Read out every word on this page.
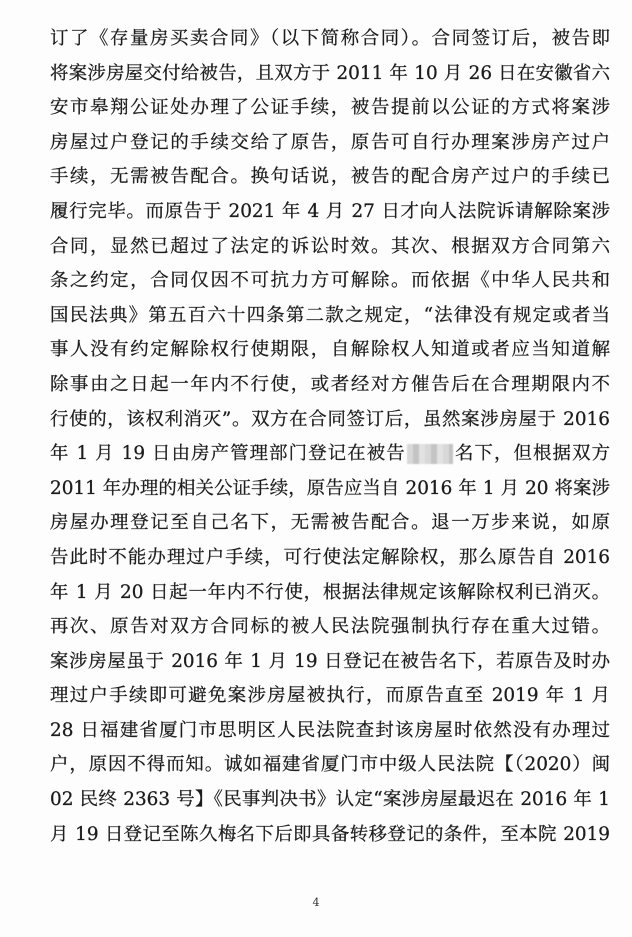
订了《存量房买卖合同》（以下简称合同）。合同签订后，被告即
将案涉房屋交付给被告，且双方于 2011 年 10 月 26 日在安徽省六
安市皋翔公证处办理了公证手续，被告提前以公证的方式将案涉
房屋过户登记的手续交给了原告，原告可自行办理案涉房产过户
手续，无需被告配合。换句话说，被告的配合房产过户的手续已
履行完毕。而原告于 2021 年 4 月 27 日才向人法院诉请解除案涉
合同，显然已超过了法定的诉讼时效。其次、根据双方合同第六
条之约定，合同仅因不可抗力方可解除。而依据《中华人民共和
国民法典》第五百六十四条第二款之规定，“法律没有规定或者当
事人没有约定解除权行使期限，自解除权人知道或者应当知道解
除事由之日起一年内不行使，或者经对方催告后在合理期限内不
行使的，该权利消灭”。双方在合同签订后，虽然案涉房屋于 2016
年 1 月 19 日由房产管理部门登记在被告	名下，但根据双方
2011 年办理的相关公证手续，原告应当自 2016 年 1 月 20 将案涉
房屋办理登记至自己名下，无需被告配合。退一万步来说，如原
告此时不能办理过户手续，可行使法定解除权，那么原告自 2016
年 1 月 20 日起一年内不行使，根据法律规定该解除权利已消灭。
再次、原告对双方合同标的被人民法院强制执行存在重大过错。
案涉房屋虽于 2016 年 1 月 19 日登记在被告名下，若原告及时办
理过户手续即可避免案涉房屋被执行，而原告直至 2019 年 1 月
28 日福建省厦门市思明区人民法院查封该房屋时依然没有办理过
户，原因不得而知。诚如福建省厦门市中级人民法院【（2020）闽
02 民终 2363 号】《民事判决书》认定“案涉房屋最迟在 2016 年 1
月 19 日登记至陈久梅名下后即具备转移登记的条件，至本院 2019
4
